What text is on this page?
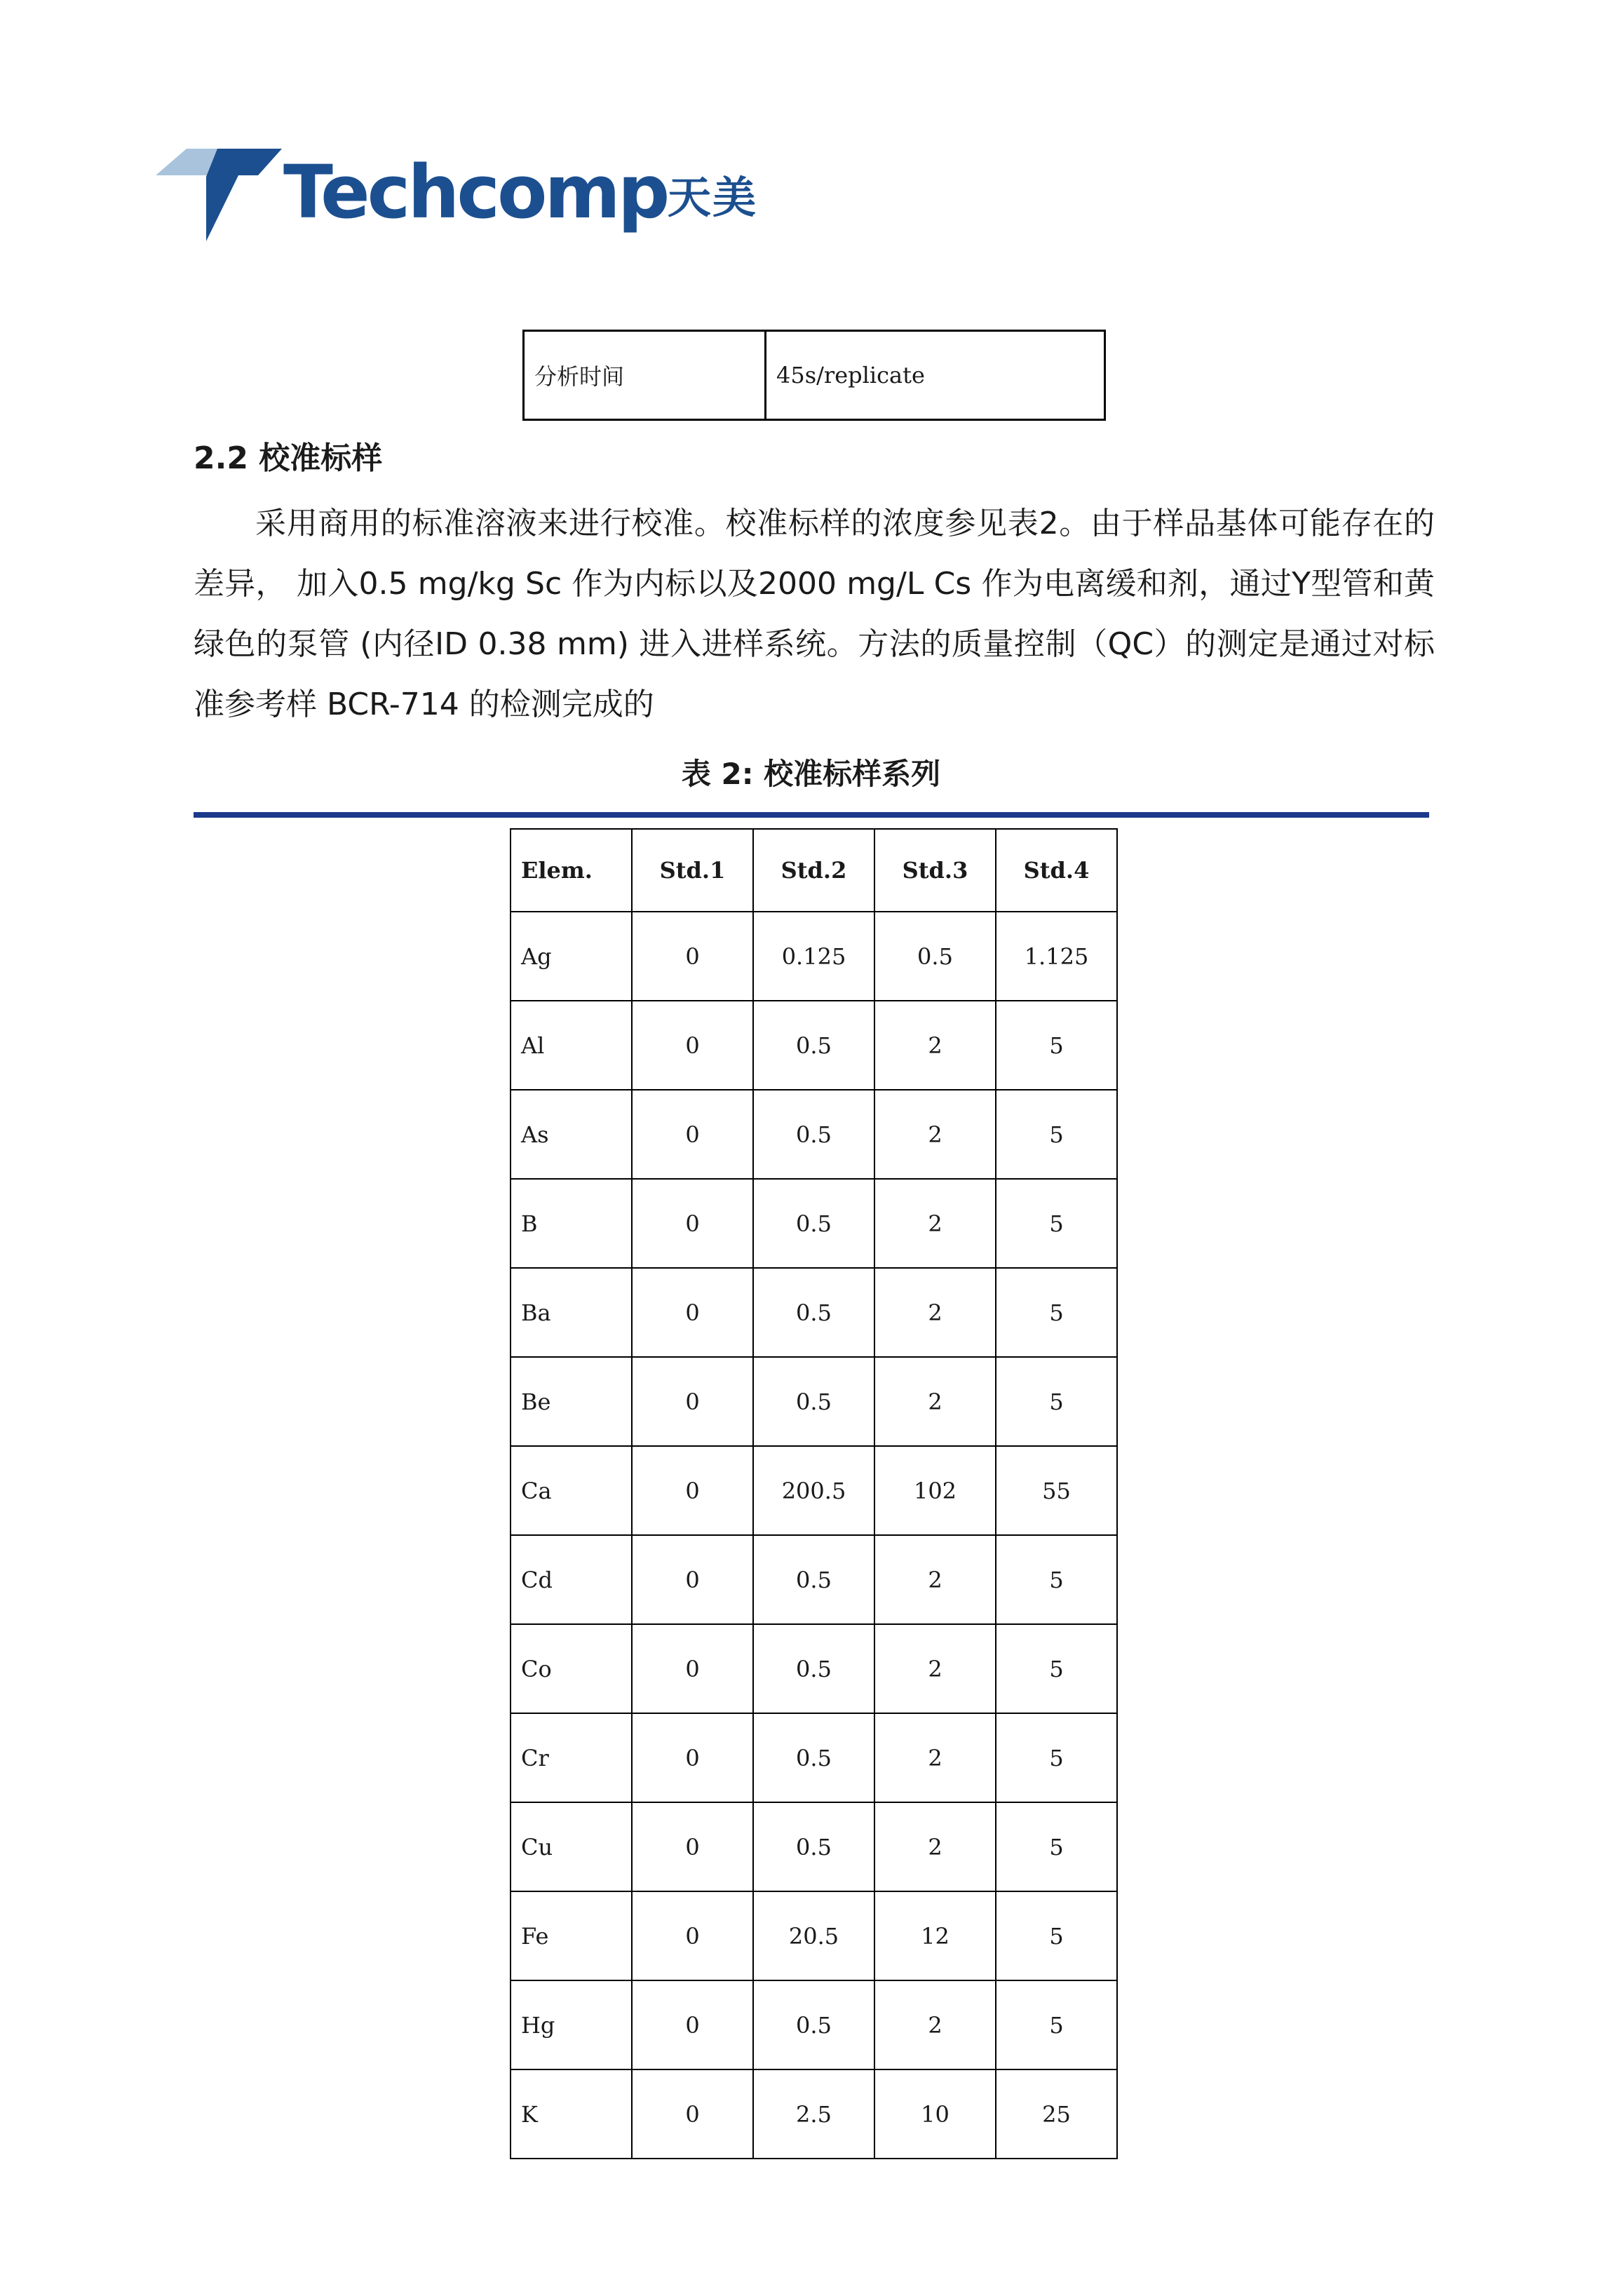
Techcomp 天美
分析时间	45s/replicate
2.2 校准标样

采用商用的标准溶液来进行校准。校准标样的浓度参见表2。由于样品基体可能存在的差异， 加入0.5 mg/kg Sc 作为内标以及2000 mg/L Cs 作为电离缓和剂，通过Y型管和黄绿色的泵管 (内径ID 0.38 mm) 进入进样系统。方法的质量控制（QC）的测定是通过对标准参考样 BCR-714 的检测完成的

表 2: 校准标样系列
Elem.	Std.1	Std.2	Std.3	Std.4
Ag	0	0.125	0.5	1.125
Al	0	0.5	2	5
As	0	0.5	2	5
B	0	0.5	2	5
Ba	0	0.5	2	5
Be	0	0.5	2	5
Ca	0	200.5	102	55
Cd	0	0.5	2	5
Co	0	0.5	2	5
Cr	0	0.5	2	5
Cu	0	0.5	2	5
Fe	0	20.5	12	5
Hg	0	0.5	2	5
K	0	2.5	10	25
